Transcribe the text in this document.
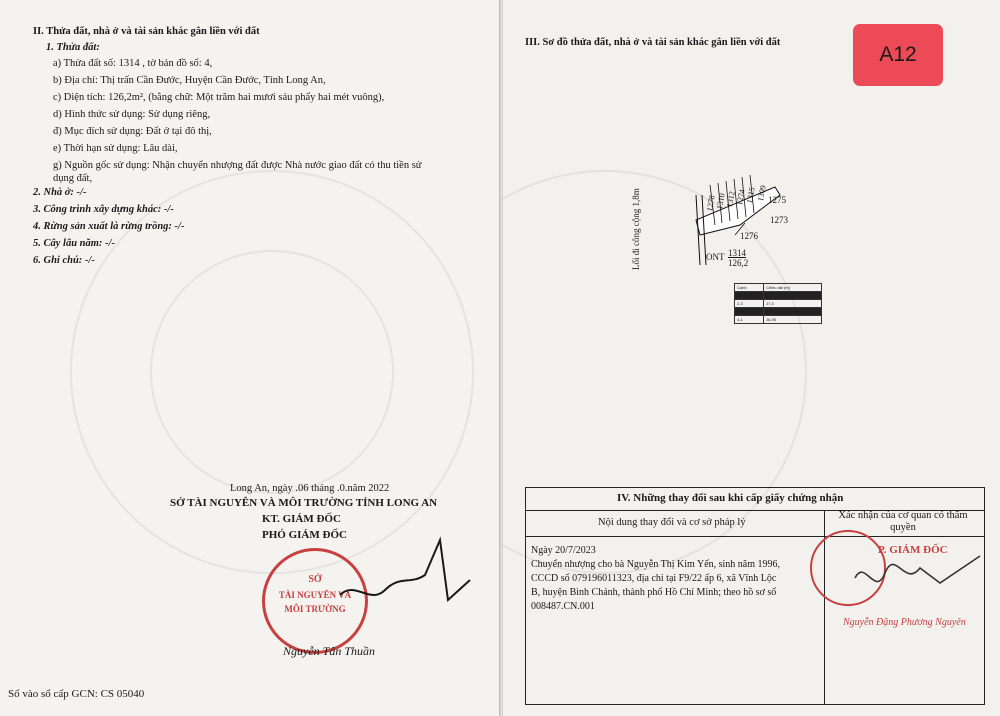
II. Thửa đất, nhà ở và tài sản khác gắn liền với đất
1. Thửa đất:
a) Thửa đất số: 1314 , tờ bản đồ số: 4,
b) Địa chỉ: Thị trấn Cần Đước, Huyện Cần Đước, Tỉnh Long An,
c) Diện tích: 126,2m², (bằng chữ: Một trăm hai mươi sáu phẩy hai mét vuông),
d) Hình thức sử dụng: Sử dụng riêng,
đ) Mục đích sử dụng: Đất ở tại đô thị,
e) Thời hạn sử dụng: Lâu dài,
g) Nguồn gốc sử dụng: Nhận chuyển nhượng đất được Nhà nước giao đất có thu tiền sử
dụng đất,
2. Nhà ở: -/-
3. Công trình xây dựng khác: -/-
4. Rừng sản xuất là rừng trồng: -/-
5. Cây lâu năm: -/-
6. Ghi chú: -/-
Long An, ngày .06 tháng .0.năm 2022
SỞ TÀI NGUYÊN VÀ MÔI TRƯỜNG TỈNH LONG AN
KT. GIÁM ĐỐC
PHÓ GIÁM ĐỐC
SỞ
TÀI NGUYÊN VÀ
MÔI TRƯỜNG
Nguyễn Tân Thuần
Số vào sổ cấp GCN: CS 05040
A12
III. Sơ đồ thửa đất, nhà ở và tài sản khác gắn liền với đất
Lối đi công cộng 1,8m	1275
1273
1276
1309
1315
1274
1312
1310
1278
ONT 1314
126,2
Cạnh	Chiều dài (m)
1-2	4,75
2-3	27,0
3-4	4,7
4-1	26,95
IV. Những thay đổi sau khi cấp giấy chứng nhận
Nội dung thay đổi và cơ sở pháp lý
Xác nhận của cơ quan có thẩm quyền
Ngày 20/7/2023
Chuyển nhượng cho bà Nguyễn Thị Kim Yến, sinh năm 1996,
CCCD số 079196011323, địa chỉ tại F9/22 ấp 6, xã Vĩnh Lộc
B, huyện Bình Chánh, thành phố Hồ Chí Minh; theo hồ sơ số
008487.CN.001
P. GIÁM ĐỐC
Nguyễn Đặng Phương Nguyên
